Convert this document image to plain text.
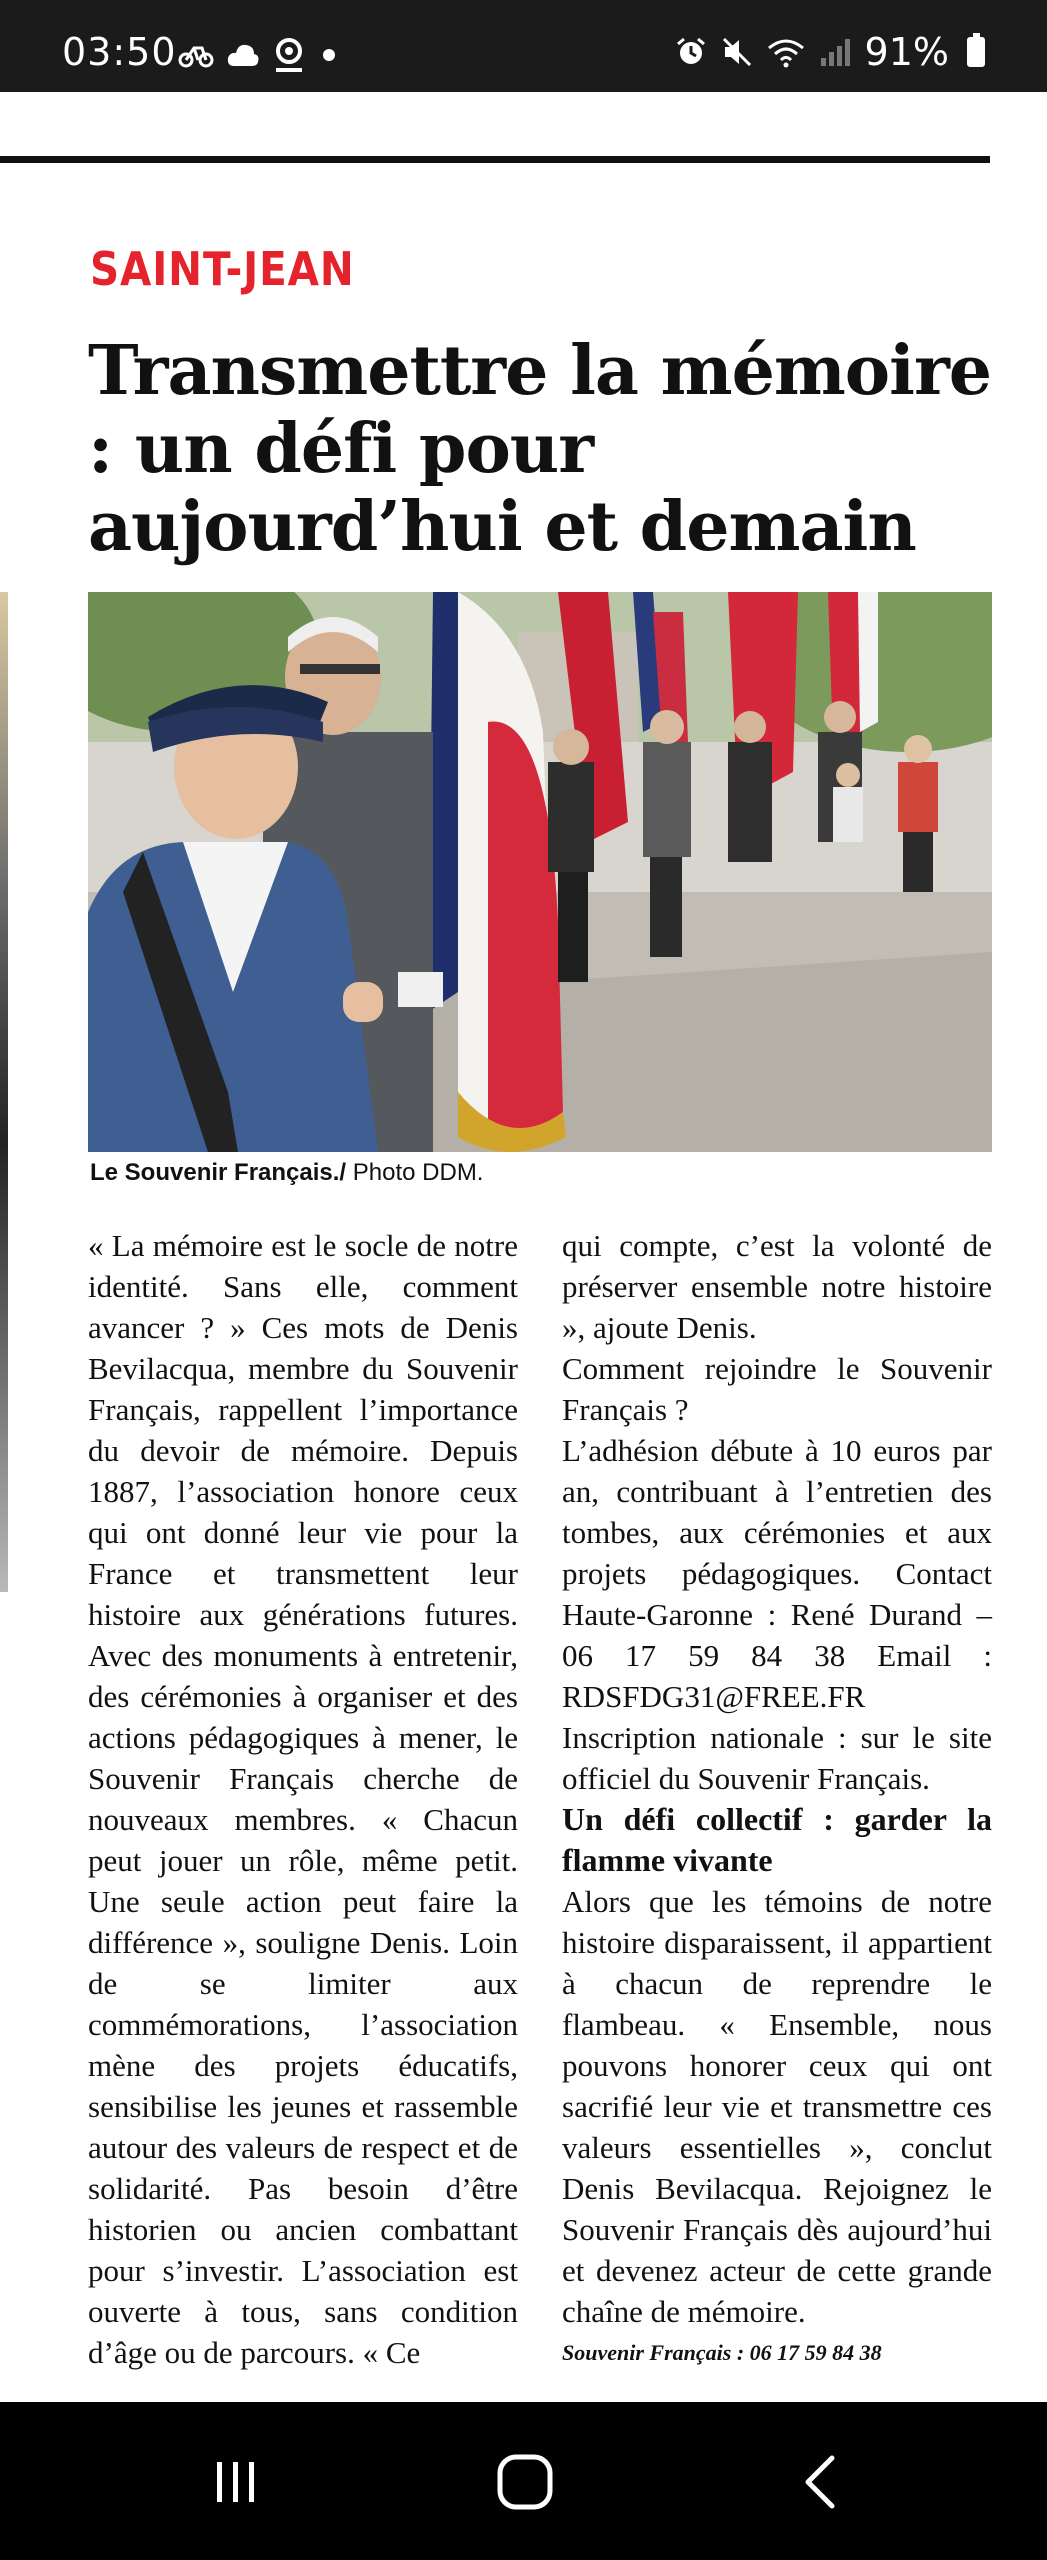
03:50	91%
SAINT-JEAN
Transmettre la mémoire : un défi pour aujourd’hui et demain
Le Souvenir Français./ Photo DDM.

« La mémoire est le socle de notre identité. Sans elle, comment avancer ? » Ces mots de Denis Bevilacqua, membre du Souvenir Français, rappellent l’importance du devoir de mémoire. Depuis 1887, l’association honore ceux qui ont donné leur vie pour la France et transmettent leur histoire aux générations futures. Avec des monuments à entretenir, des cérémonies à organiser et des actions pédagogiques à mener, le Souvenir Français cherche de nouveaux membres. « Chacun peut jouer un rôle, même petit. Une seule action peut faire la différence », souligne Denis. Loin de se limiter aux commémorations, l’association mène des projets éducatifs, sensibilise les jeunes et rassemble autour des valeurs de respect et de solidarité. Pas besoin d’être historien ou ancien combattant pour s’investir. L’association est ouverte à tous, sans condition d’âge ou de parcours. « Ce

qui compte, c’est la volonté de préserver ensemble notre histoire », ajoute Denis.

Comment rejoindre le Souvenir Français ?

L’adhésion débute à 10 euros par an, contribuant à l’entretien des tombes, aux cérémonies et aux projets pédagogiques. Contact Haute-Garonne : René Durand – 06 17 59 84 38 Email : RDSFDG31@FREE.FR Inscription nationale : sur le site officiel du Souvenir Français.

Un défi collectif : garder la flamme vivante

Alors que les témoins de notre histoire disparaissent, il appartient à chacun de reprendre le flambeau. « Ensemble, nous pouvons honorer ceux qui ont sacrifié leur vie et transmettre ces valeurs essentielles », conclut Denis Bevilacqua. Rejoignez le Souvenir Français dès aujourd’hui et devenez acteur de cette grande chaîne de mémoire.

Souvenir Français : 06 17 59 84 38
